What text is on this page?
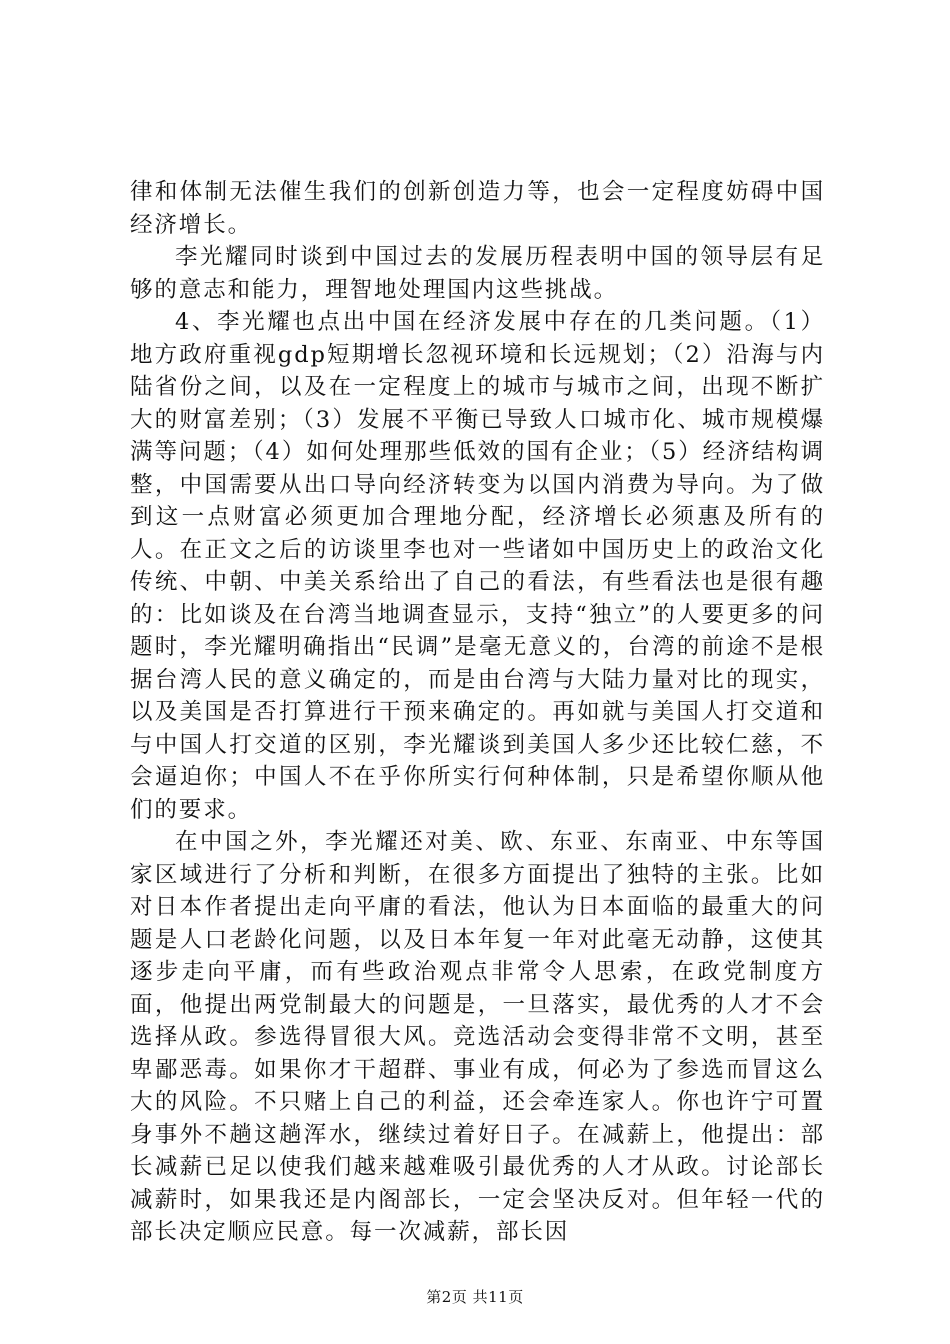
律和体制无法催生我们的创新创造力等，也会一定程度妨碍中国经济增长。

李光耀同时谈到中国过去的发展历程表明中国的领导层有足够的意志和能力，理智地处理国内这些挑战。

4、李光耀也点出中国在经济发展中存在的几类问题。（1）地方政府重视gdp短期增长忽视环境和长远规划；（2）沿海与内陆省份之间，以及在一定程度上的城市与城市之间，出现不断扩大的财富差别；（3）发展不平衡已导致人口城市化、城市规模爆满等问题；（4）如何处理那些低效的国有企业；（5）经济结构调整，中国需要从出口导向经济转变为以国内消费为导向。为了做到这一点财富必须更加合理地分配，经济增长必须惠及所有的人。在正文之后的访谈里李也对一些诸如中国历史上的政治文化传统、中朝、中美关系给出了自己的看法，有些看法也是很有趣的：比如谈及在台湾当地调查显示，支持“独立”的人要更多的问题时，李光耀明确指出“民调”是毫无意义的，台湾的前途不是根据台湾人民的意义确定的，而是由台湾与大陆力量对比的现实，以及美国是否打算进行干预来确定的。再如就与美国人打交道和与中国人打交道的区别，李光耀谈到美国人多少还比较仁慈，不会逼迫你；中国人不在乎你所实行何种体制，只是希望你顺从他们的要求。

在中国之外，李光耀还对美、欧、东亚、东南亚、中东等国家区域进行了分析和判断，在很多方面提出了独特的主张。比如对日本作者提出走向平庸的看法，他认为日本面临的最重大的问题是人口老龄化问题，以及日本年复一年对此毫无动静，这使其逐步走向平庸，而有些政治观点非常令人思索，在政党制度方面，他提出两党制最大的问题是，一旦落实，最优秀的人才不会选择从政。参选得冒很大风。竞选活动会变得非常不文明，甚至卑鄙恶毒。如果你才干超群、事业有成，何必为了参选而冒这么大的风险。不只赌上自己的利益，还会牵连家人。你也许宁可置身事外不趟这趟浑水，继续过着好日子。在减薪上，他提出：部长减薪已足以使我们越来越难吸引最优秀的人才从政。讨论部长减薪时，如果我还是内阁部长，一定会坚决反对。但年轻一代的部长决定顺应民意。每一次减薪，部长因

第2页 共11页
